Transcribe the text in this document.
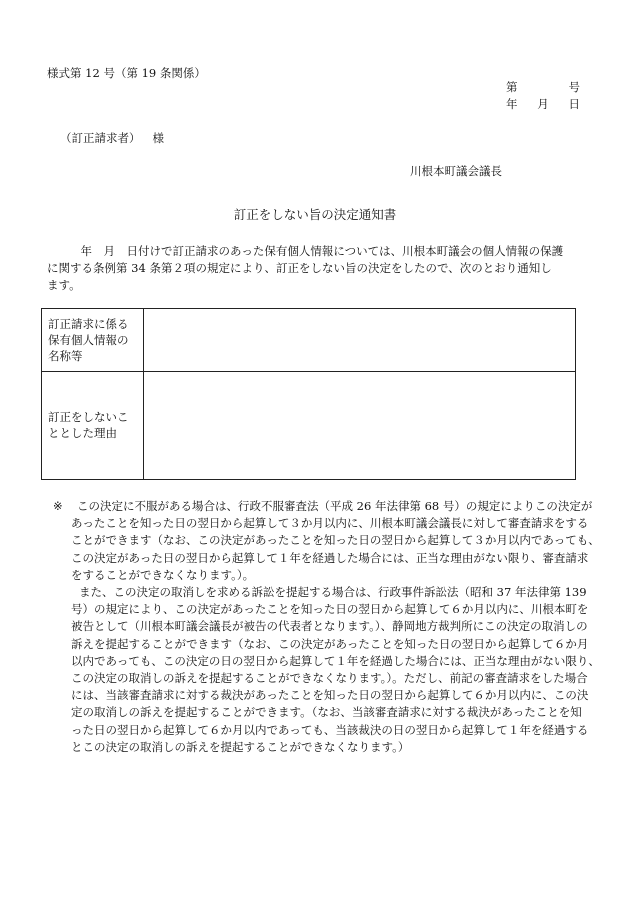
様式第 12 号（第 19 条関係）
第	号
年 月 日
（訂正請求者） 様
川根本町議会議長
訂正をしない旨の決定通知書
　年　月　日付けで訂正請求のあった保有個人情報については、川根本町議会の個人情報の保護
に関する条例第 34 条第２項の規定により、訂正をしない旨の決定をしたので、次のとおり通知し
ます。
訂正請求に係る
保有個人情報の
名称等
訂正をしないこ
ととした理由
※ この決定に不服がある場合は、行政不服審査法（平成 26 年法律第 68 号）の規定によりこの決定が
あったことを知った日の翌日から起算して３か月以内に、川根本町議会議長に対して審査請求をする
ことができます（なお、この決定があったことを知った日の翌日から起算して３か月以内であっても、
この決定があった日の翌日から起算して１年を経過した場合には、正当な理由がない限り、審査請求
をすることができなくなります。）。
また、この決定の取消しを求める訴訟を提起する場合は、行政事件訴訟法（昭和 37 年法律第 139
号）の規定により、この決定があったことを知った日の翌日から起算して６か月以内に、川根本町を
被告として（川根本町議会議長が被告の代表者となります。）、静岡地方裁判所にこの決定の取消しの
訴えを提起することができます（なお、この決定があったことを知った日の翌日から起算して６か月
以内であっても、この決定の日の翌日から起算して１年を経過した場合には、正当な理由がない限り、
この決定の取消しの訴えを提起することができなくなります。）。ただし、前記の審査請求をした場合
には、当該審査請求に対する裁決があったことを知った日の翌日から起算して６か月以内に、この決
定の取消しの訴えを提起することができます。（なお、当該審査請求に対する裁決があったことを知
った日の翌日から起算して６か月以内であっても、当該裁決の日の翌日から起算して１年を経過する
とこの決定の取消しの訴えを提起することができなくなります。）
